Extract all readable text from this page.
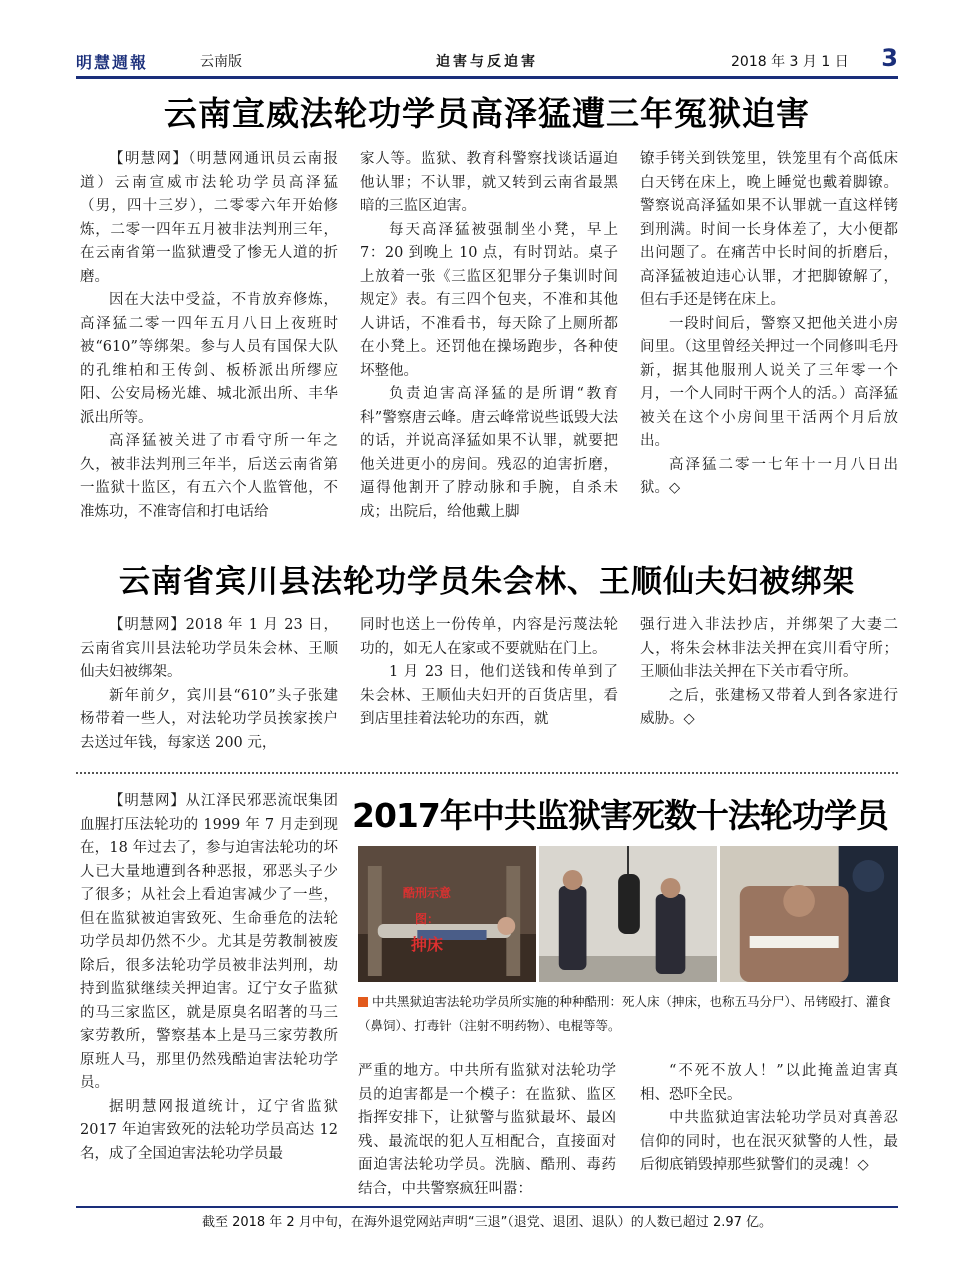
明慧週報	云南版	迫害与反迫害	2018 年 3 月 1 日 3
云南宣威法轮功学员高泽猛遭三年冤狱迫害

【明慧网】（明慧网通讯员云南报道）云南宣威市法轮功学员高泽猛（男，四十三岁），二零零六年开始修炼，二零一四年五月被非法判刑三年，在云南省第一监狱遭受了惨无人道的折磨。

因在大法中受益，不肯放弃修炼，高泽猛二零一四年五月八日上夜班时被“610”等绑架。参与人员有国保大队的孔维柏和王传剑、板桥派出所缪应阳、公安局杨光雄、城北派出所、丰华派出所等。

高泽猛被关进了市看守所一年之久，被非法判刑三年半，后送云南省第一监狱十监区，有五六个人监管他，不准炼功，不准寄信和打电话给

家人等。监狱、教育科警察找谈话逼迫他认罪；不认罪，就又转到云南省最黑暗的三监区迫害。

每天高泽猛被强制坐小凳，早上 7：20 到晚上 10 点，有时罚站。桌子上放着一张《三监区犯罪分子集训时间规定》表。有三四个包夹，不准和其他人讲话，不准看书，每天除了上厕所都在小凳上。还罚他在操场跑步，各种使坏整他。

负责迫害高泽猛的是所谓“教育科”警察唐云峰。唐云峰常说些诋毁大法的话，并说高泽猛如果不认罪，就要把他关进更小的房间。残忍的迫害折磨，逼得他割开了脖动脉和手腕，自杀未成；出院后，给他戴上脚

镣手铐关到铁笼里，铁笼里有个高低床白天铐在床上，晚上睡觉也戴着脚镣。警察说高泽猛如果不认罪就一直这样铐到刑满。时间一长身体差了，大小便都出问题了。在痛苦中长时间的折磨后，高泽猛被迫违心认罪，才把脚镣解了，但右手还是铐在床上。

一段时间后，警察又把他关进小房间里。（这里曾经关押过一个同修叫毛丹新，据其他服刑人说关了三年零一个月，一个人同时干两个人的活。）高泽猛被关在这个小房间里干活两个月后放出。

高泽猛二零一七年十一月八日出狱。◇

云南省宾川县法轮功学员朱会林、王顺仙夫妇被绑架

【明慧网】2018 年 1 月 23 日，云南省宾川县法轮功学员朱会林、王顺仙夫妇被绑架。

新年前夕，宾川县“610”头子张建杨带着一些人，对法轮功学员挨家挨户去送过年钱，每家送 200 元，

同时也送上一份传单，内容是污蔑法轮功的，如无人在家或不要就贴在门上。

1 月 23 日，他们送钱和传单到了朱会林、王顺仙夫妇开的百货店里，看到店里挂着法轮功的东西，就

强行进入非法抄店，并绑架了大妻二人，将朱会林非法关押在宾川看守所；王顺仙非法关押在下关市看守所。

之后，张建杨又带着人到各家进行威胁。◇

【明慧网】从江泽民邪恶流氓集团血腥打压法轮功的 1999 年 7 月走到现在，18 年过去了，参与迫害法轮功的坏人已大量地遭到各种恶报，邪恶头子少了很多；从社会上看迫害减少了一些，但在监狱被迫害致死、生命垂危的法轮功学员却仍然不少。尤其是劳教制被废除后，很多法轮功学员被非法判刑，劫持到监狱继续关押迫害。辽宁女子监狱的马三家监区，就是原臭名昭著的马三家劳教所，警察基本上是马三家劳教所原班人马，那里仍然残酷迫害法轮功学员。

据明慧网报道统计，辽宁省监狱 2017 年迫害致死的法轮功学员高达 12 名，成了全国迫害法轮功学员最

2017年中共监狱害死数十法轮功学员
酷刑示意图：
抻床
中共黑狱迫害法轮功学员所实施的种种酷刑：死人床（抻床，也称五马分尸）、吊铐殴打、灌食（鼻饲）、打毒针（注射不明药物）、电棍等等。

严重的地方。中共所有监狱对法轮功学员的迫害都是一个模子：在监狱、监区指挥安排下，让狱警与监狱最坏、最凶残、最流氓的犯人互相配合，直接面对面迫害法轮功学员。洗脑、酷刑、毒药结合，中共警察疯狂叫嚣：

“不死不放人！”以此掩盖迫害真相、恐吓全民。

中共监狱迫害法轮功学员对真善忍信仰的同时，也在泯灭狱警的人性，最后彻底销毁掉那些狱警们的灵魂！◇

截至 2018 年 2 月中旬，在海外退党网站声明“三退”（退党、退团、退队）的人数已超过 2.97 亿。
